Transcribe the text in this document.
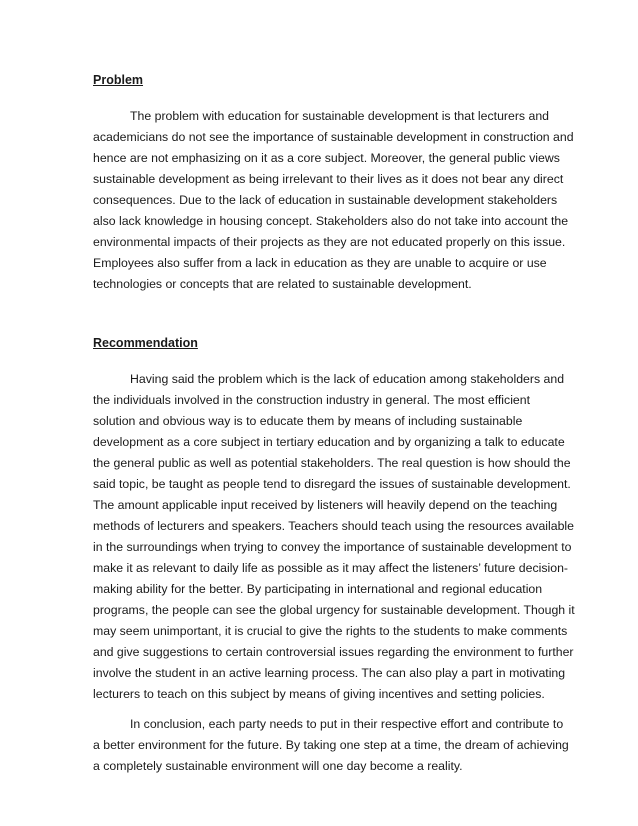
Problem
The problem with education for sustainable development is that lecturers and
academicians do not see the importance of sustainable development in construction and
hence are not emphasizing on it as a core subject. Moreover, the general public views
sustainable development as being irrelevant to their lives as it does not bear any direct
consequences. Due to the lack of education in sustainable development stakeholders
also lack knowledge in housing concept. Stakeholders also do not take into account the
environmental impacts of their projects as they are not educated properly on this issue.
Employees also suffer from a lack in education as they are unable to acquire or use
technologies or concepts that are related to sustainable development.
Recommendation
Having said the problem which is the lack of education among stakeholders and
the individuals involved in the construction industry in general. The most efficient
solution and obvious way is to educate them by means of including sustainable
development as a core subject in tertiary education and by organizing a talk to educate
the general public as well as potential stakeholders. The real question is how should the
said topic, be taught as people tend to disregard the issues of sustainable development.
The amount applicable input received by listeners will heavily depend on the teaching
methods of lecturers and speakers. Teachers should teach using the resources available
in the surroundings when trying to convey the importance of sustainable development to
make it as relevant to daily life as possible as it may affect the listeners’ future decision-
making ability for the better. By participating in international and regional education
programs, the people can see the global urgency for sustainable development. Though it
may seem unimportant, it is crucial to give the rights to the students to make comments
and give suggestions to certain controversial issues regarding the environment to further
involve the student in an active learning process. The can also play a part in motivating
lecturers to teach on this subject by means of giving incentives and setting policies.
In conclusion, each party needs to put in their respective effort and contribute to
a better environment for the future. By taking one step at a time, the dream of achieving
a completely sustainable environment will one day become a reality.
